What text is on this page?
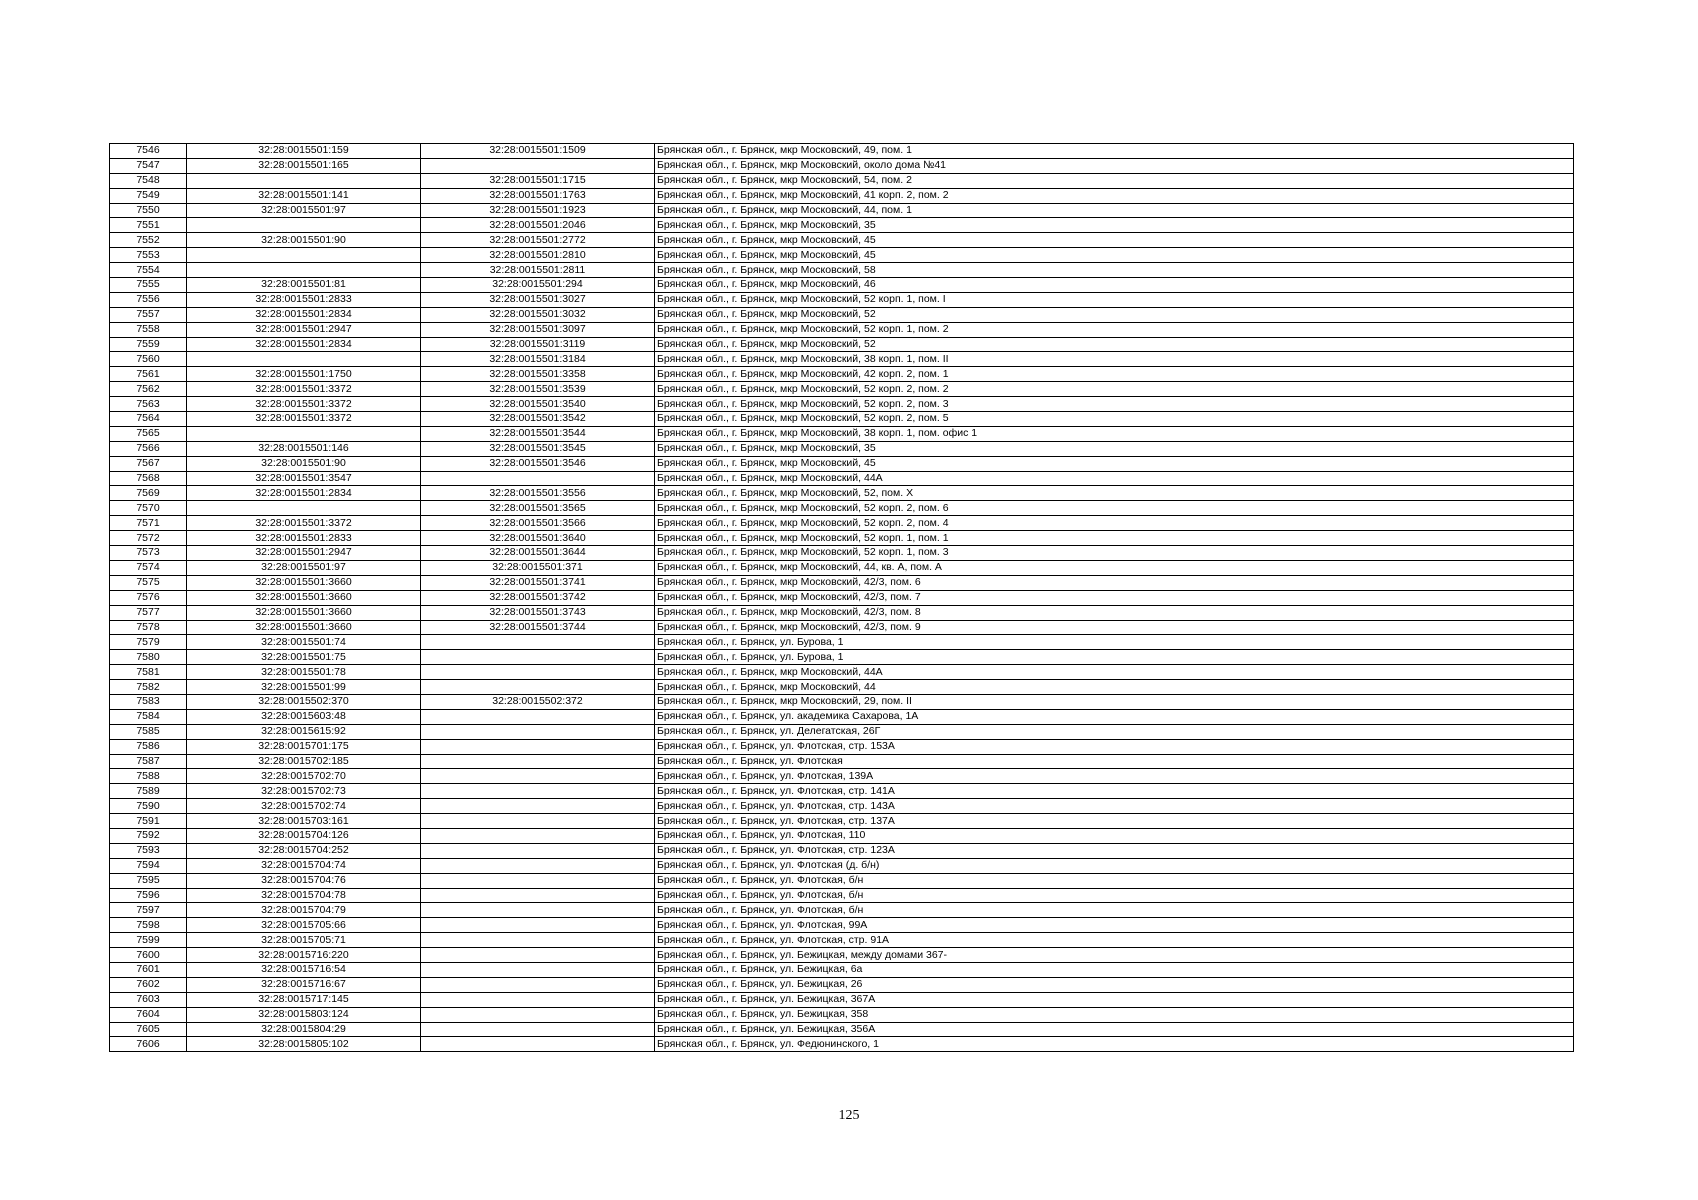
7546	32:28:0015501:159	32:28:0015501:1509	Брянская обл., г. Брянск, мкр Московский, 49, пом. 1
7547	32:28:0015501:165		Брянская обл., г. Брянск, мкр Московский, около дома №41
7548		32:28:0015501:1715	Брянская обл., г. Брянск, мкр Московский, 54, пом. 2
7549	32:28:0015501:141	32:28:0015501:1763	Брянская обл., г. Брянск, мкр Московский, 41 корп. 2, пом. 2
7550	32:28:0015501:97	32:28:0015501:1923	Брянская обл., г. Брянск, мкр Московский, 44, пом. 1
7551		32:28:0015501:2046	Брянская обл., г. Брянск, мкр Московский, 35
7552	32:28:0015501:90	32:28:0015501:2772	Брянская обл., г. Брянск, мкр Московский, 45
7553		32:28:0015501:2810	Брянская обл., г. Брянск, мкр Московский, 45
7554		32:28:0015501:2811	Брянская обл., г. Брянск, мкр Московский, 58
7555	32:28:0015501:81	32:28:0015501:294	Брянская обл., г. Брянск, мкр Московский, 46
7556	32:28:0015501:2833	32:28:0015501:3027	Брянская обл., г. Брянск, мкр Московский, 52 корп. 1, пом. I
7557	32:28:0015501:2834	32:28:0015501:3032	Брянская обл., г. Брянск, мкр Московский, 52
7558	32:28:0015501:2947	32:28:0015501:3097	Брянская обл., г. Брянск, мкр Московский, 52 корп. 1, пом. 2
7559	32:28:0015501:2834	32:28:0015501:3119	Брянская обл., г. Брянск, мкр Московский, 52
7560		32:28:0015501:3184	Брянская обл., г. Брянск, мкр Московский, 38 корп. 1, пом. II
7561	32:28:0015501:1750	32:28:0015501:3358	Брянская обл., г. Брянск, мкр Московский, 42 корп. 2, пом. 1
7562	32:28:0015501:3372	32:28:0015501:3539	Брянская обл., г. Брянск, мкр Московский, 52 корп. 2, пом. 2
7563	32:28:0015501:3372	32:28:0015501:3540	Брянская обл., г. Брянск, мкр Московский, 52 корп. 2, пом. 3
7564	32:28:0015501:3372	32:28:0015501:3542	Брянская обл., г. Брянск, мкр Московский, 52 корп. 2, пом. 5
7565		32:28:0015501:3544	Брянская обл., г. Брянск, мкр Московский, 38 корп. 1, пом. офис 1
7566	32:28:0015501:146	32:28:0015501:3545	Брянская обл., г. Брянск, мкр Московский, 35
7567	32:28:0015501:90	32:28:0015501:3546	Брянская обл., г. Брянск, мкр Московский, 45
7568	32:28:0015501:3547		Брянская обл., г. Брянск, мкр Московский, 44А
7569	32:28:0015501:2834	32:28:0015501:3556	Брянская обл., г. Брянск, мкр Московский, 52, пом. X
7570		32:28:0015501:3565	Брянская обл., г. Брянск, мкр Московский, 52 корп. 2, пом. 6
7571	32:28:0015501:3372	32:28:0015501:3566	Брянская обл., г. Брянск, мкр Московский, 52 корп. 2, пом. 4
7572	32:28:0015501:2833	32:28:0015501:3640	Брянская обл., г. Брянск, мкр Московский, 52 корп. 1, пом. 1
7573	32:28:0015501:2947	32:28:0015501:3644	Брянская обл., г. Брянск, мкр Московский, 52 корп. 1, пом. 3
7574	32:28:0015501:97	32:28:0015501:371	Брянская обл., г. Брянск, мкр Московский, 44, кв. А, пом. А
7575	32:28:0015501:3660	32:28:0015501:3741	Брянская обл., г. Брянск, мкр Московский, 42/3, пом. 6
7576	32:28:0015501:3660	32:28:0015501:3742	Брянская обл., г. Брянск, мкр Московский, 42/3, пом. 7
7577	32:28:0015501:3660	32:28:0015501:3743	Брянская обл., г. Брянск, мкр Московский, 42/3, пом. 8
7578	32:28:0015501:3660	32:28:0015501:3744	Брянская обл., г. Брянск, мкр Московский, 42/3, пом. 9
7579	32:28:0015501:74		Брянская обл., г. Брянск, ул. Бурова, 1
7580	32:28:0015501:75		Брянская обл., г. Брянск, ул. Бурова, 1
7581	32:28:0015501:78		Брянская обл., г. Брянск, мкр Московский, 44А
7582	32:28:0015501:99		Брянская обл., г. Брянск, мкр Московский, 44
7583	32:28:0015502:370	32:28:0015502:372	Брянская обл., г. Брянск, мкр Московский, 29, пом. II
7584	32:28:0015603:48		Брянская обл., г. Брянск, ул. академика Сахарова, 1А
7585	32:28:0015615:92		Брянская обл., г. Брянск, ул. Делегатская, 26Г
7586	32:28:0015701:175		Брянская обл., г. Брянск, ул. Флотская, стр. 153А
7587	32:28:0015702:185		Брянская обл., г. Брянск, ул. Флотская
7588	32:28:0015702:70		Брянская обл., г. Брянск, ул. Флотская, 139А
7589	32:28:0015702:73		Брянская обл., г. Брянск, ул. Флотская, стр. 141А
7590	32:28:0015702:74		Брянская обл., г. Брянск, ул. Флотская, стр. 143А
7591	32:28:0015703:161		Брянская обл., г. Брянск, ул. Флотская, стр. 137А
7592	32:28:0015704:126		Брянская обл., г. Брянск, ул. Флотская, 110
7593	32:28:0015704:252		Брянская обл., г. Брянск, ул. Флотская, стр. 123А
7594	32:28:0015704:74		Брянская обл., г. Брянск, ул. Флотская (д. б/н)
7595	32:28:0015704:76		Брянская обл., г. Брянск, ул. Флотская, б/н
7596	32:28:0015704:78		Брянская обл., г. Брянск, ул. Флотская, б/н
7597	32:28:0015704:79		Брянская обл., г. Брянск, ул. Флотская, б/н
7598	32:28:0015705:66		Брянская обл., г. Брянск, ул. Флотская, 99А
7599	32:28:0015705:71		Брянская обл., г. Брянск, ул. Флотская, стр. 91А
7600	32:28:0015716:220		Брянская обл., г. Брянск, ул. Бежицкая, между домами 367-
7601	32:28:0015716:54		Брянская обл., г. Брянск, ул. Бежицкая, 6а
7602	32:28:0015716:67		Брянская обл., г. Брянск, ул. Бежицкая, 26
7603	32:28:0015717:145		Брянская обл., г. Брянск, ул. Бежицкая, 367А
7604	32:28:0015803:124		Брянская обл., г. Брянск, ул. Бежицкая, 358
7605	32:28:0015804:29		Брянская обл., г. Брянск, ул. Бежицкая, 356А
7606	32:28:0015805:102		Брянская обл., г. Брянск, ул. Федюнинского, 1
125
